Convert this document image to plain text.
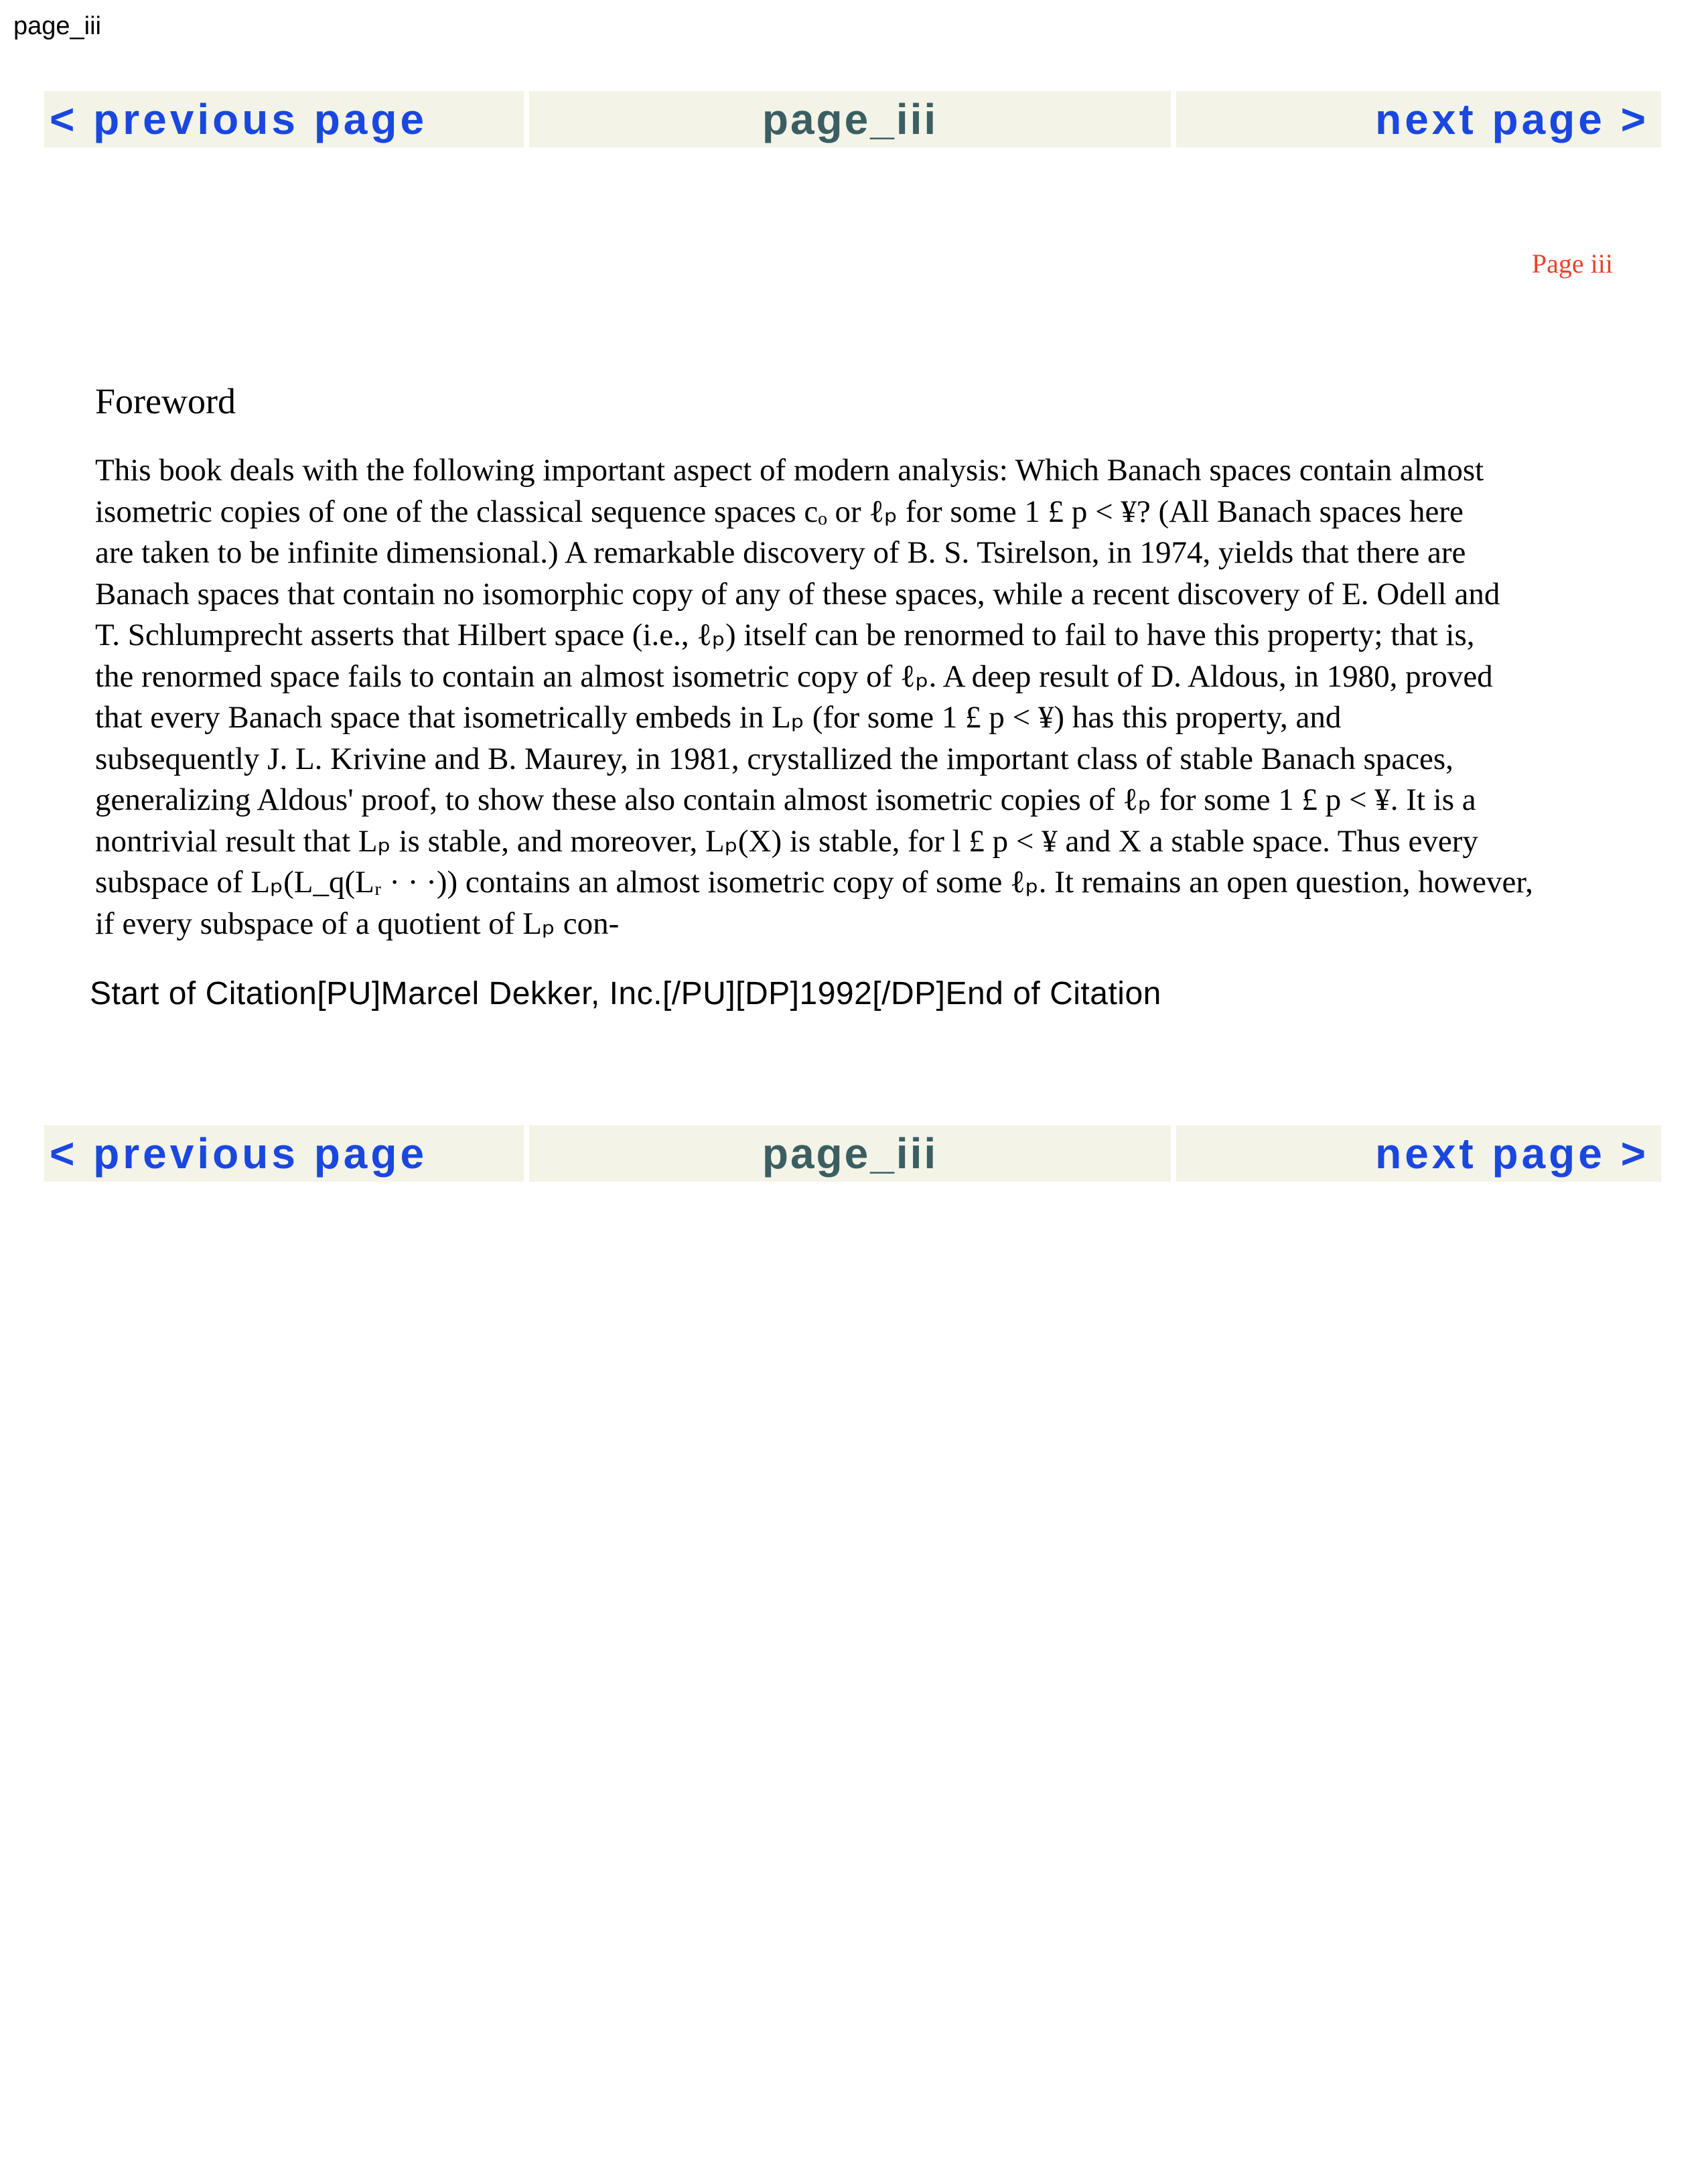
page_iii
< previous page	page_iii	next page >
Page iii
Foreword

This book deals with the following important aspect of modern analysis: Which Banach spaces contain almost

isometric copies of one of the classical sequence spaces cₒ or ℓₚ for some 1 £ p < ¥? (All Banach spaces here

are taken to be infinite dimensional.) A remarkable discovery of B. S. Tsirelson, in 1974, yields that there are

Banach spaces that contain no isomorphic copy of any of these spaces, while a recent discovery of E. Odell and

T. Schlumprecht asserts that Hilbert space (i.e., ℓₚ) itself can be renormed to fail to have this property; that is,

the renormed space fails to contain an almost isometric copy of ℓₚ. A deep result of D. Aldous, in 1980, proved

that every Banach space that isometrically embeds in Lₚ (for some 1 £ p < ¥) has this property, and

subsequently J. L. Krivine and B. Maurey, in 1981, crystallized the important class of stable Banach spaces,

generalizing Aldous' proof, to show these also contain almost isometric copies of ℓₚ for some 1 £ p < ¥. It is a

nontrivial result that Lₚ is stable, and moreover, Lₚ(X) is stable, for l £ p < ¥ and X a stable space. Thus every

subspace of Lₚ(L_q(Lᵣ · · ·)) contains an almost isometric copy of some ℓₚ. It remains an open question, however,

if every subspace of a quotient of Lₚ con-

Start of Citation[PU]Marcel Dekker, Inc.[/PU][DP]1992[/DP]End of Citation
< previous page	page_iii	next page >
